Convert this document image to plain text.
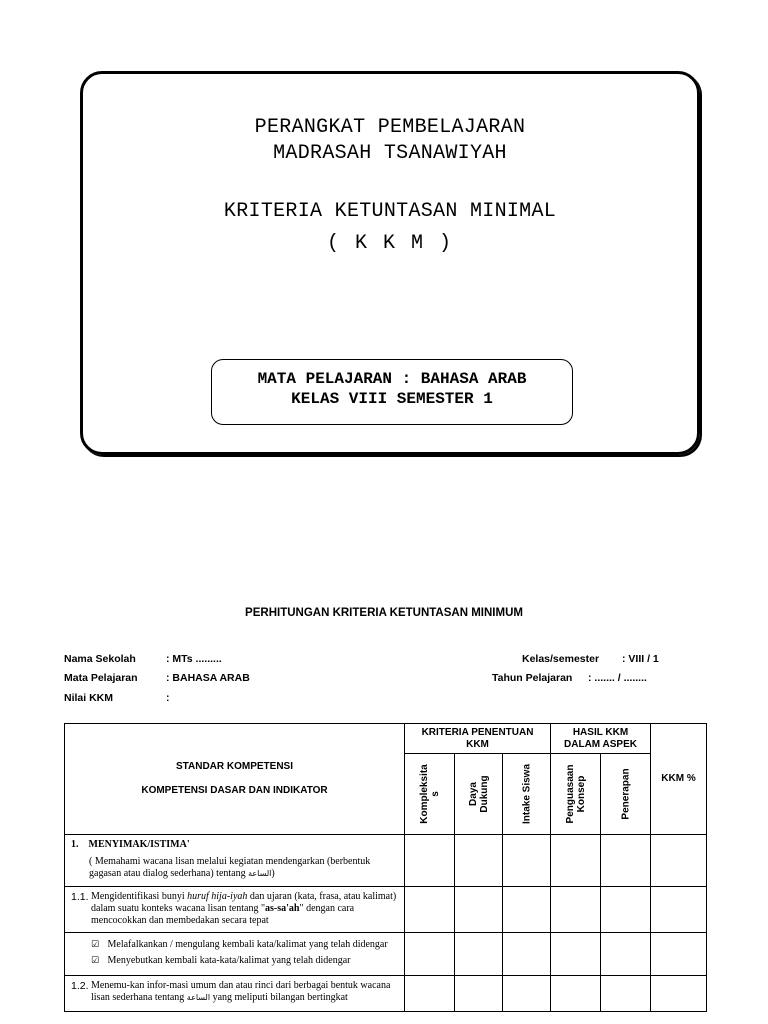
PERANGKAT PEMBELAJARAN
MADRASAH TSANAWIYAH
KRITERIA KETUNTASAN MINIMAL
( K K M )
MATA PELAJARAN : BAHASA ARAB
KELAS VIII SEMESTER 1
PERHITUNGAN KRITERIA KETUNTASAN MINIMUM
Nama Sekolah	: MTs .........
Mata Pelajaran	: BAHASA ARAB
Nilai KKM	:
Kelas/semester : VIII / 1
Tahun Pelajaran : ....... / ........
STANDAR KOMPETENSI
KOMPETENSI DASAR DAN INDIKATOR	KRITERIA PENENTUAN KKM			HASIL KKM DALAM ASPEK		KKM %

	Kompleksitas	Daya Dukung	Intake Siswa	Penguasaan Konsep	Penerapan	

1. MENYIMAK/ISTIMA'
( Memahami wacana lisan melalui kegiatan mendengarkan (berbentuk gagasan atau dialog sederhana) tentang الساعة)						

1.1. Mengidentifikasi bunyi huruf hija-iyah dan ujaran (kata, frasa, atau kalimat) dalam suatu konteks wacana lisan tentang "as-sa'ah" dengan cara mencocokkan dan membedakan secara tepat						

☑ Melafalkankan / mengulang kembali kata/kalimat yang telah didengar
☑ Menyebutkan kembali kata-kata/kalimat yang telah didengar						

1.2. Menemu-kan infor-masi umum dan atau rinci dari berbagai bentuk wacana lisan sederhana tentang الساعة yang meliputi bilangan bertingkat						
